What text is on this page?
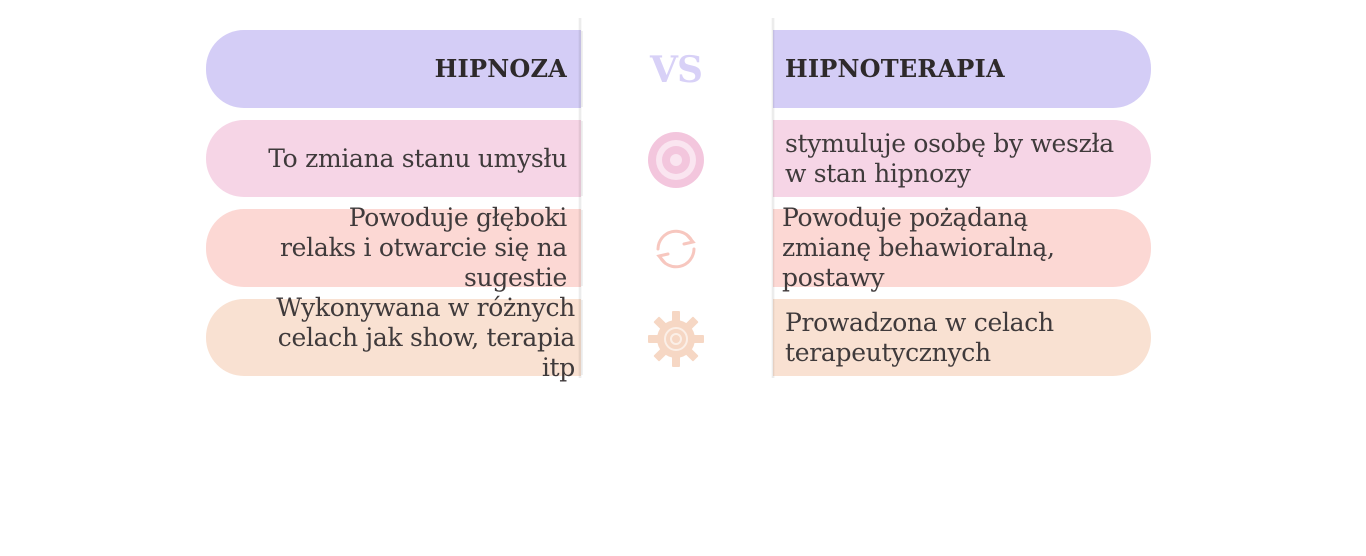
HIPNOZA	VS	HIPNOTERAPIA
To zmiana stanu umysłu
stymuluje osobę by weszła w stan hipnozy
Powoduje głęboki relaks i otwarcie się na sugestie
Powoduje pożądaną zmianę behawioralną, postawy
Wykonywana w różnych celach jak show, terapia itp
Prowadzona w celach terapeutycznych
